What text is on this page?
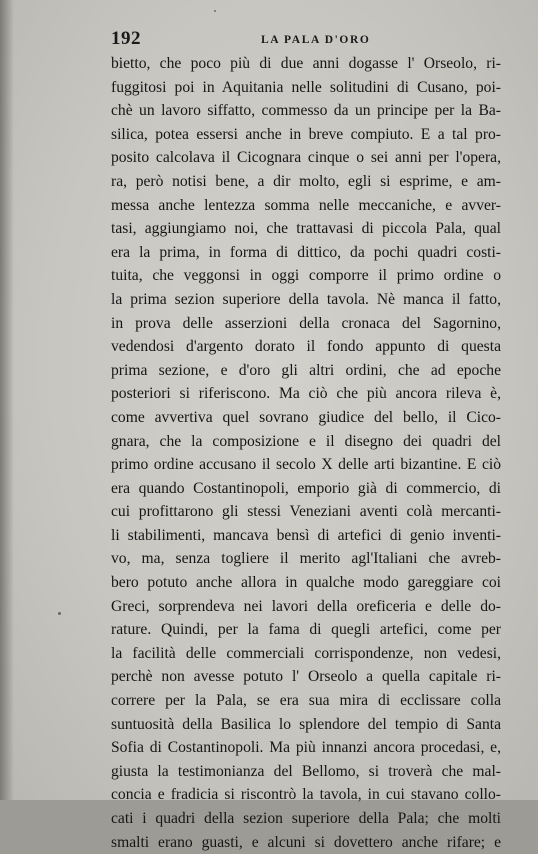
192	LA PALA D'ORO
bietto, che poco più di due anni dogasse l' Orseolo, ri-
fuggitosi poi in Aquitania nelle solitudini di Cusano, poi-
chè un lavoro siffatto, commesso da un principe per la Ba-
silica, potea essersi anche in breve compiuto. E a tal pro-
posito calcolava il Cicognara cinque o sei anni per l'opera,
ra, però notisi bene, a dir molto, egli si esprime, e am-
messa anche lentezza somma nelle meccaniche, e avver-
tasi, aggiungiamo noi, che trattavasi di piccola Pala, qual
era la prima, in forma di dittico, da pochi quadri costi-
tuita, che veggonsi in oggi comporre il primo ordine o
la prima sezion superiore della tavola. Nè manca il fatto,
in prova delle asserzioni della cronaca del Sagornino,
vedendosi d'argento dorato il fondo appunto di questa
prima sezione, e d'oro gli altri ordini, che ad epoche
posteriori si riferiscono. Ma ciò che più ancora rileva è,
come avvertiva quel sovrano giudice del bello, il Cico-
gnara, che la composizione e il disegno dei quadri del
primo ordine accusano il secolo X delle arti bizantine. E ciò
era quando Costantinopoli, emporio già di commercio, di
cui profittarono gli stessi Veneziani aventi colà mercanti-
li stabilimenti, mancava bensì di artefici di genio inventi-
vo, ma, senza togliere il merito agl'Italiani che avreb-
bero potuto anche allora in qualche modo gareggiare coi
Greci, sorprendeva nei lavori della oreficeria e delle do-
rature. Quindi, per la fama di quegli artefici, come per
la facilità delle commerciali corrispondenze, non vedesi,
perchè non avesse potuto l' Orseolo a quella capitale ri-
correre per la Pala, se era sua mira di ecclissare colla
suntuosità della Basilica lo splendore del tempio di Santa
Sofia di Costantinopoli. Ma più innanzi ancora procedasi, e,
giusta la testimonianza del Bellomo, si troverà che mal-
concia e fradicia si riscontrò la tavola, in cui stavano collo-
cati i quadri della sezion superiore della Pala; che molti
smalti erano guasti, e alcuni si dovettero anche rifare; e
